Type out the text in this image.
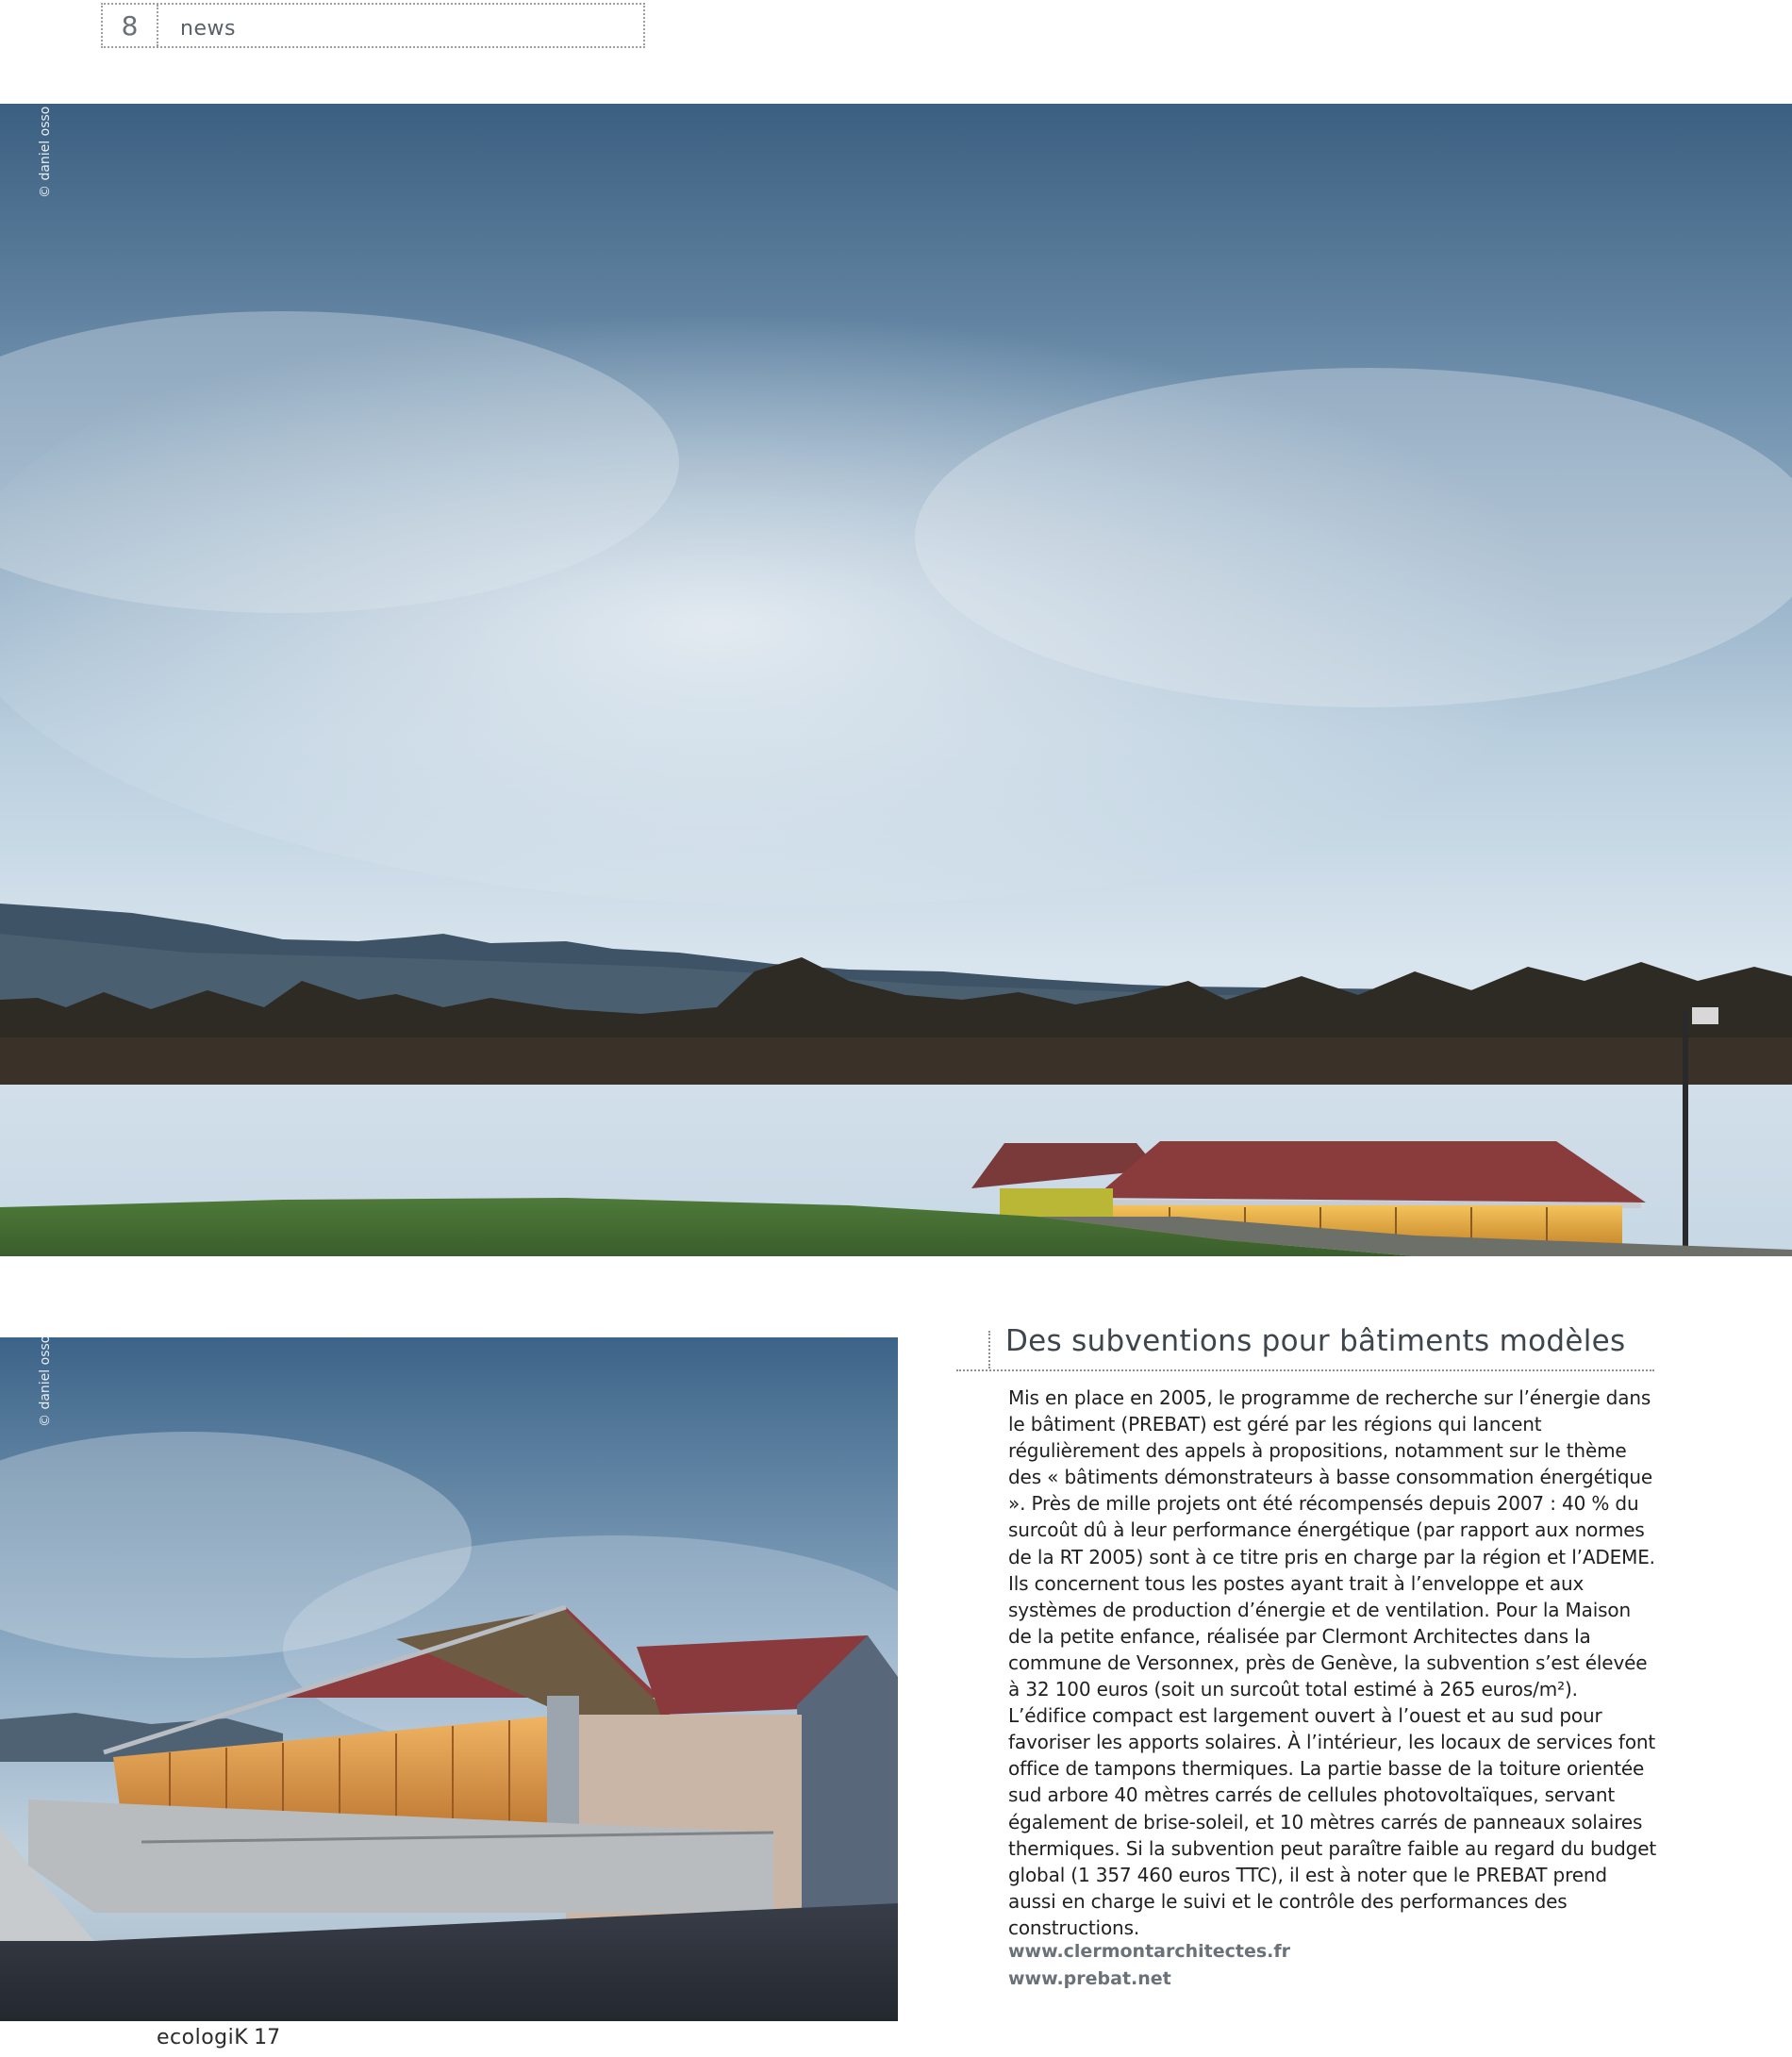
8	news
© daniel osso
© daniel osso	Des subventions pour bâtiments modèles

Mis en place en 2005, le programme de recherche sur l’énergie dans le bâtiment (PREBAT) est géré par les régions qui lancent régulièrement des appels à propositions, notamment sur le thème des « bâtiments démonstrateurs à basse consommation énergétique ». Près de mille projets ont été récompensés depuis 2007 : 40 % du surcoût dû à leur performance énergétique (par rapport aux normes de la RT 2005) sont à ce titre pris en charge par la région et l’ADEME. Ils concernent tous les postes ayant trait à l’enveloppe et aux systèmes de production d’énergie et de ventilation. Pour la Maison de la petite enfance, réalisée par Clermont Architectes dans la commune de Versonnex, près de Genève, la subvention s’est élevée à 32 100 euros (soit un surcoût total estimé à 265 euros/m²). L’édifice compact est largement ouvert à l’ouest et au sud pour favoriser les apports solaires. À l’intérieur, les locaux de services font office de tampons thermiques. La partie basse de la toiture orientée sud arbore 40 mètres carrés de cellules photovoltaïques, servant également de brise-soleil, et 10 mètres carrés de panneaux solaires thermiques. Si la subvention peut paraître faible au regard du budget global (1 357 460 euros TTC), il est à noter que le PREBAT prend aussi en charge le suivi et le contrôle des performances des constructions.

www.clermontarchitectes.fr
www.prebat.net
ecologiK 17
